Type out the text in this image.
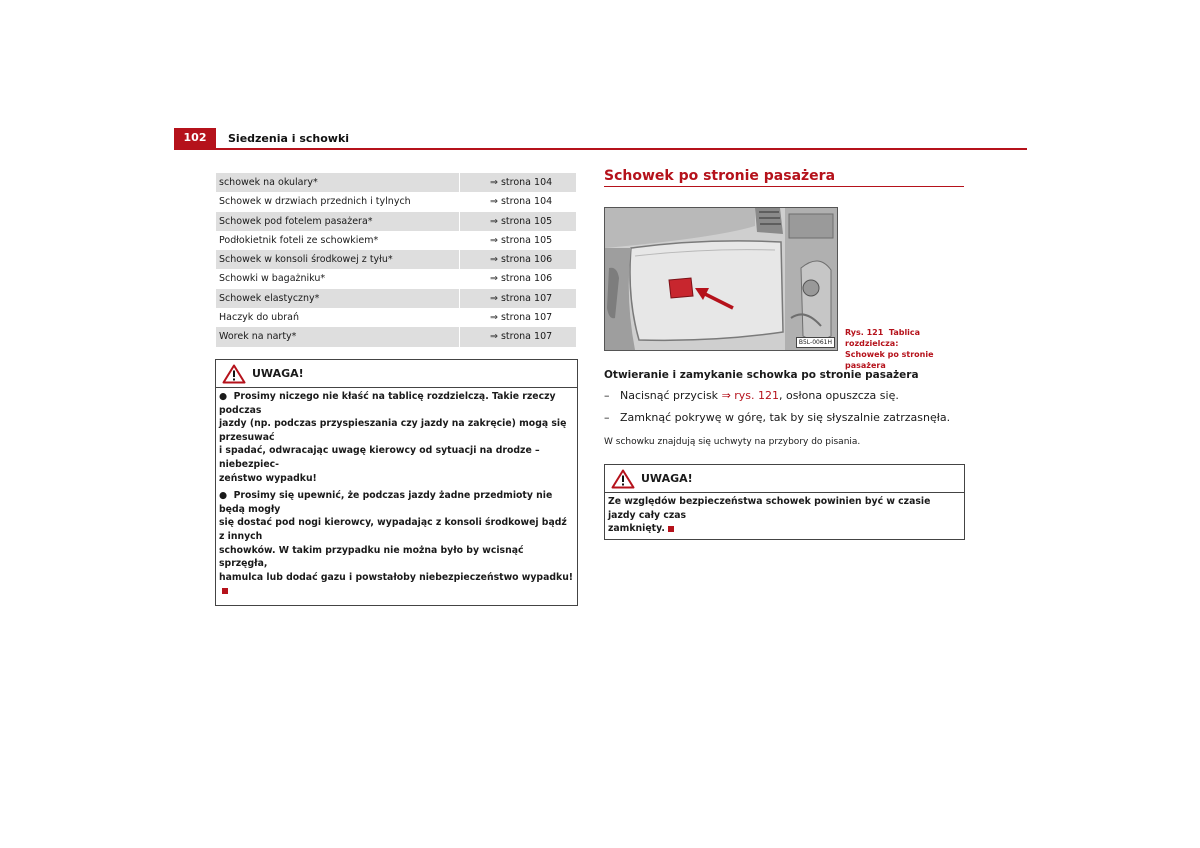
102	Siedzenia i schowki
schowek na okulary*	⇒ strona 104
Schowek w drzwiach przednich i tylnych	⇒ strona 104
Schowek pod fotelem pasażera*	⇒ strona 105
Podłokietnik foteli ze schowkiem*	⇒ strona 105
Schowek w konsoli środkowej z tyłu*	⇒ strona 106
Schowki w bagażniku*	⇒ strona 106
Schowek elastyczny*	⇒ strona 107
Haczyk do ubrań	⇒ strona 107
Worek na narty*	⇒ strona 107
UWAGA!
● Prosimy niczego nie kłaść na tablicę rozdzielczą. Takie rzeczy podczas
jazdy (np. podczas przyspieszania czy jazdy na zakręcie) mogą się przesuwać
i spadać, odwracając uwagę kierowcy od sytuacji na drodze – niebezpiec-
zeństwo wypadku!
● Prosimy się upewnić, że podczas jazdy żadne przedmioty nie będą mogły
się dostać pod nogi kierowcy, wypadając z konsoli środkowej bądź z innych
schowków. W takim przypadku nie można było by wcisnąć sprzęgła,
hamulca lub dodać gazu i powstałoby niebezpieczeństwo wypadku!
Schowek po stronie pasażera
B5L-0061H
Rys. 121 Tablica rozdzielcza:
Schowek po stronie pasażera
Otwieranie i zamykanie schowka po stronie pasażera
– Nacisnąć przycisk ⇒ rys. 121, osłona opuszcza się.
– Zamknąć pokrywę w górę, tak by się słyszalnie zatrzasnęła.
W schowku znajdują się uchwyty na przybory do pisania.
UWAGA!
Ze względów bezpieczeństwa schowek powinien być w czasie jazdy cały czas
zamknięty.
